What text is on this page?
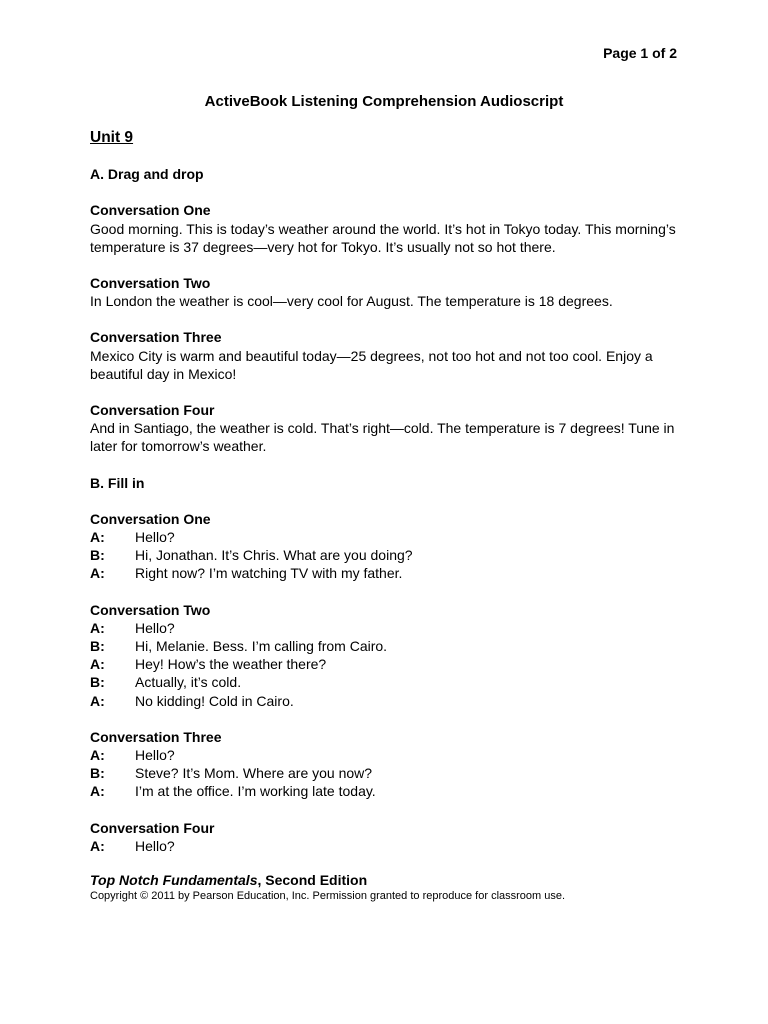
Page 1 of 2
ActiveBook Listening Comprehension Audioscript
Unit 9
A. Drag and drop
Conversation One

Good morning. This is today’s weather around the world. It’s hot in Tokyo today. This morning’s temperature is 37 degrees—very hot for Tokyo. It’s usually not so hot there.

Conversation Two

In London the weather is cool—very cool for August. The temperature is 18 degrees.

Conversation Three

Mexico City is warm and beautiful today—25 degrees, not too hot and not too cool. Enjoy a beautiful day in Mexico!

Conversation Four

And in Santiago, the weather is cold. That’s right—cold. The temperature is 7 degrees! Tune in later for tomorrow’s weather.

B. Fill in
Conversation One
A:	Hello?
B:	Hi, Jonathan. It’s Chris. What are you doing?
A:	Right now? I’m watching TV with my father.
Conversation Two
A:	Hello?
B:	Hi, Melanie. Bess. I’m calling from Cairo.
A:	Hey! How’s the weather there?
B:	Actually, it’s cold.
A:	No kidding! Cold in Cairo.
Conversation Three
A:	Hello?
B:	Steve? It’s Mom. Where are you now?
A:	I’m at the office. I’m working late today.
Conversation Four
A:	Hello?
Top Notch Fundamentals, Second Edition
Copyright © 2011 by Pearson Education, Inc. Permission granted to reproduce for classroom use.
